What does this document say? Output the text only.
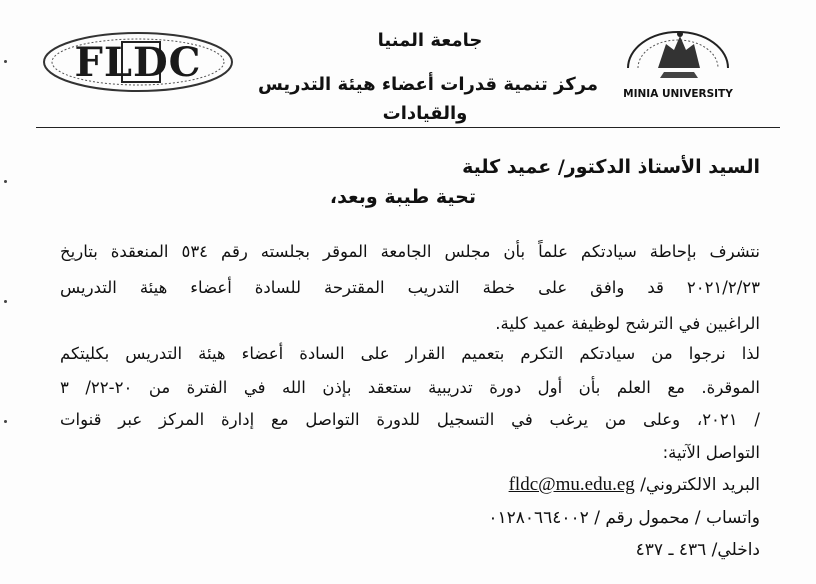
FLDC	جامعة المنيا
مركز تنمية قدرات أعضاء هيئة التدريس
والقيادات
MINIA UNIVERSITY
السيد الأستاذ الدكتور/ عميد كلية
تحية طيبة وبعد،
نتشرف بإحاطة سيادتكم علماً بأن مجلس الجامعة الموقر بجلسته رقم ٥٣٤ المنعقدة بتاريخ
٢٠٢١/٢/٢٣ قد وافق على خطة التدريب المقترحة للسادة أعضاء هيئة التدريس
الراغبين في الترشح لوظيفة عميد كلية.
لذا نرجوا من سيادتكم التكرم بتعميم القرار على السادة أعضاء هيئة التدريس بكليتكم
الموقرة. مع العلم بأن أول دورة تدريبية ستعقد بإذن الله في الفترة من ٢٠-٢٢/ ٣
/ ٢٠٢١، وعلى من يرغب في التسجيل للدورة التواصل مع إدارة المركز عبر قنوات
التواصل الآتية:
البريد الالكتروني/ fldc@mu.edu.eg
واتساب / محمول رقم / ٠١٢٨٠٦٦٤٠٠٢
داخلي/ ٤٣٦ ـ ٤٣٧
